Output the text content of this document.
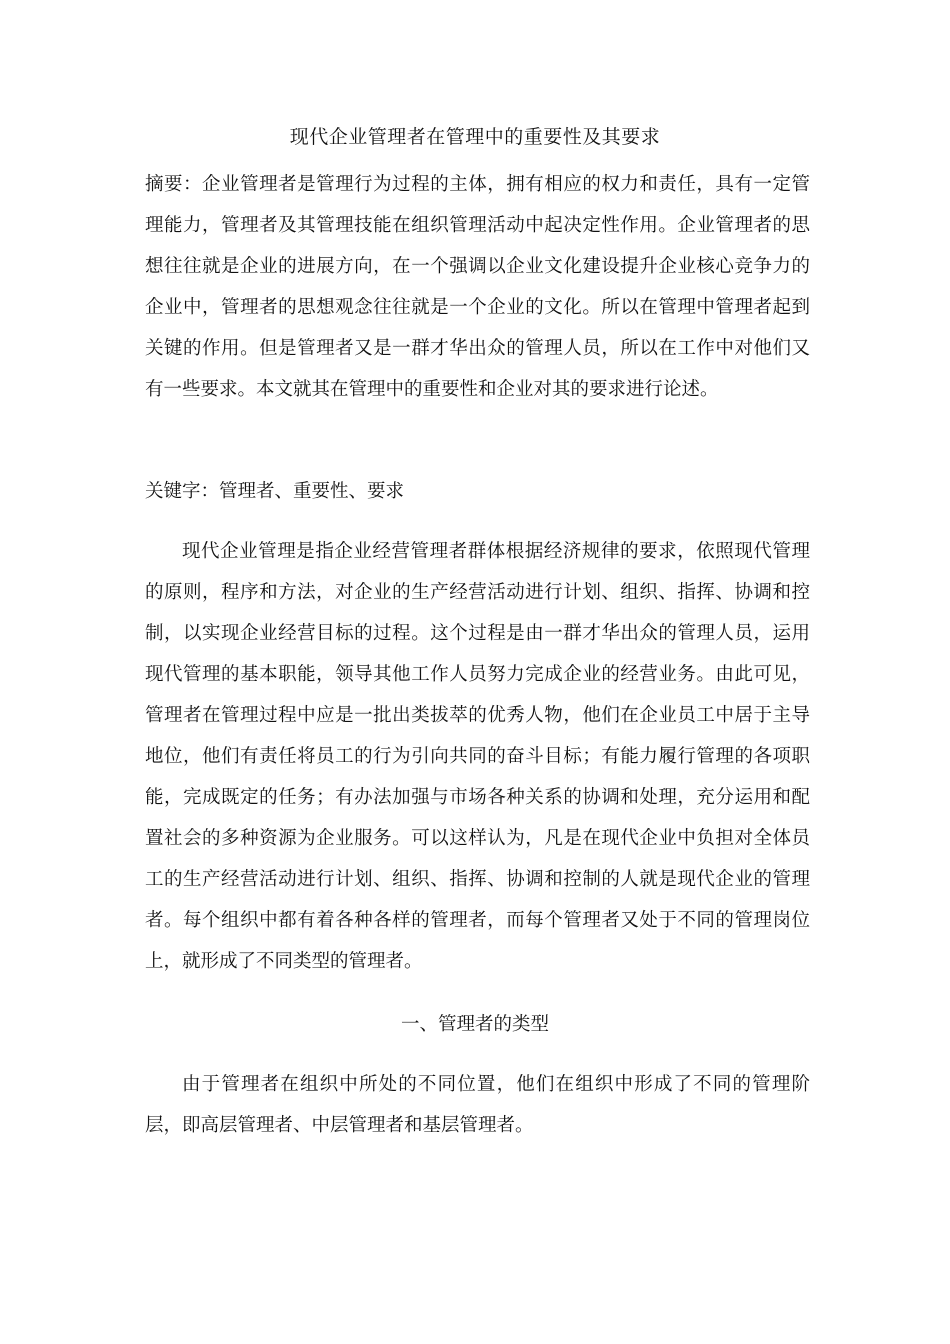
现代企业管理者在管理中的重要性及其要求

摘要：企业管理者是管理行为过程的主体，拥有相应的权力和责任，具有一定管理能力，管理者及其管理技能在组织管理活动中起决定性作用。企业管理者的思想往往就是企业的进展方向，在一个强调以企业文化建设提升企业核心竞争力的企业中，管理者的思想观念往往就是一个企业的文化。所以在管理中管理者起到关键的作用。但是管理者又是一群才华出众的管理人员，所以在工作中对他们又有一些要求。本文就其在管理中的重要性和企业对其的要求进行论述。

关键字：管理者、重要性、要求

现代企业管理是指企业经营管理者群体根据经济规律的要求，依照现代管理的原则，程序和方法，对企业的生产经营活动进行计划、组织、指挥、协调和控制，以实现企业经营目标的过程。这个过程是由一群才华出众的管理人员，运用现代管理的基本职能，领导其他工作人员努力完成企业的经营业务。由此可见，管理者在管理过程中应是一批出类拔萃的优秀人物，他们在企业员工中居于主导地位，他们有责任将员工的行为引向共同的奋斗目标；有能力履行管理的各项职能，完成既定的任务；有办法加强与市场各种关系的协调和处理，充分运用和配置社会的多种资源为企业服务。可以这样认为，凡是在现代企业中负担对全体员工的生产经营活动进行计划、组织、指挥、协调和控制的人就是现代企业的管理者。每个组织中都有着各种各样的管理者，而每个管理者又处于不同的管理岗位上，就形成了不同类型的管理者。

一、管理者的类型

由于管理者在组织中所处的不同位置，他们在组织中形成了不同的管理阶层，即高层管理者、中层管理者和基层管理者。
